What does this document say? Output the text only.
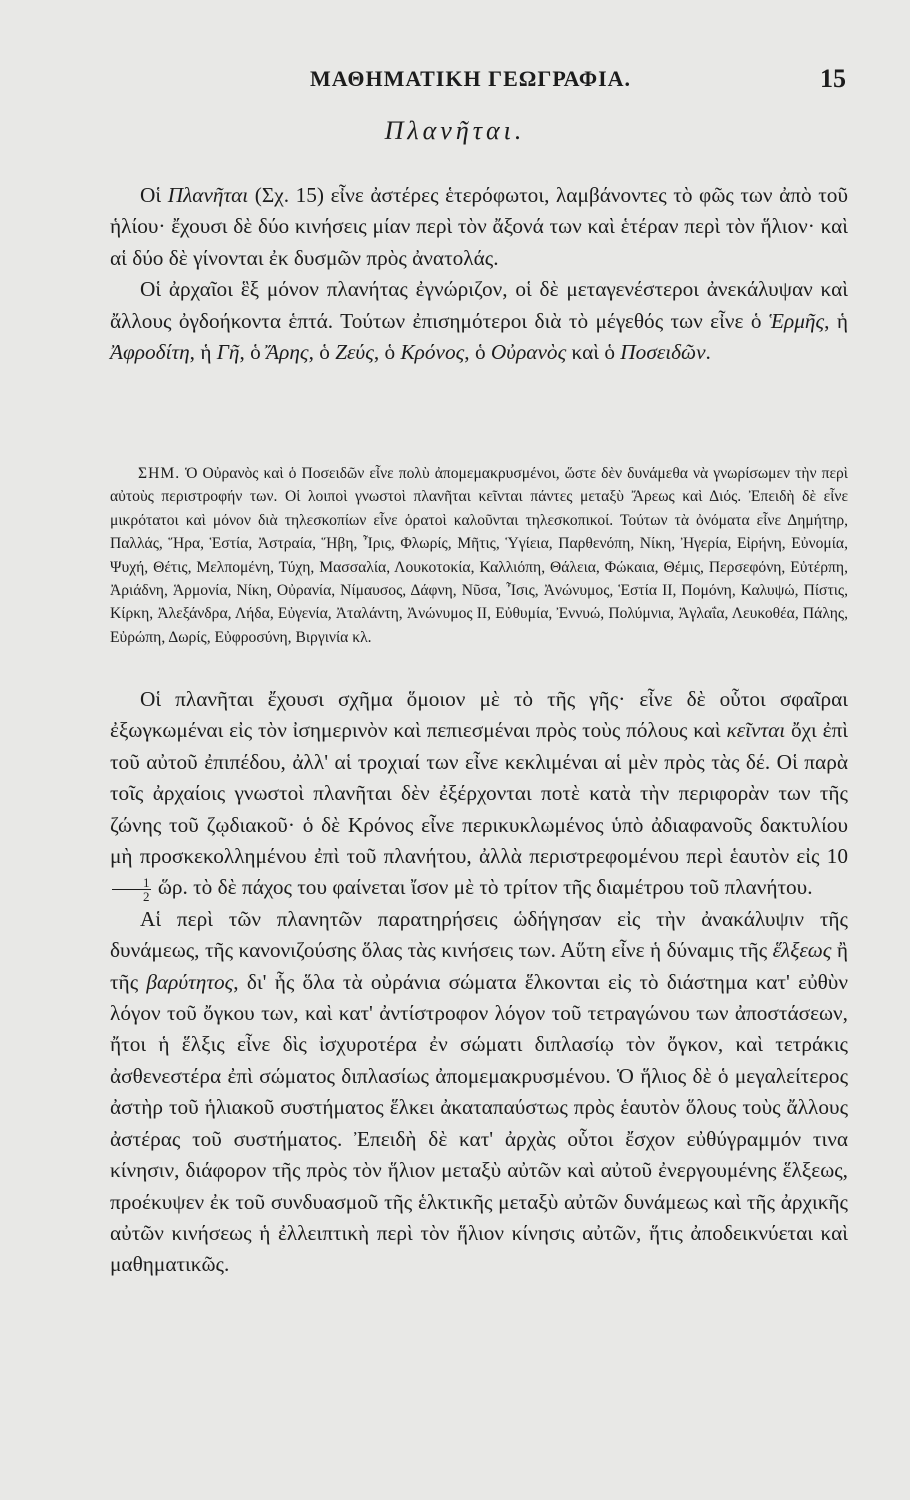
ΜΑΘΗΜΑΤΙΚΗ ΓΕΩΓΡΑΦΙΑ.	15
Πλανῆται.

Οἱ Πλανῆται (Σχ. 15) εἶνε ἀστέρες ἑτερόφωτοι, λαμβάνοντες τὸ φῶς των ἀπὸ τοῦ ἡλίου· ἔχουσι δὲ δύο κινήσεις μίαν περὶ τὸν ἄξονά των καὶ ἑτέραν περὶ τὸν ἥλιον· καὶ αἱ δύο δὲ γίνονται ἐκ δυσμῶν πρὸς ἀνατολάς.

Οἱ ἀρχαῖοι ἓξ μόνον πλανήτας ἐγνώριζον, οἱ δὲ μεταγενέστεροι ἀνεκάλυψαν καὶ ἄλλους ὀγδοήκοντα ἑπτά. Τούτων ἐπισημότεροι διὰ τὸ μέγεθός των εἶνε ὁ Ἑρμῆς, ἡ Ἀφροδίτη, ἡ Γῆ, ὁ Ἄρης, ὁ Ζεύς, ὁ Κρόνος, ὁ Οὐρανὸς καὶ ὁ Ποσειδῶν.

ΣΗΜ. Ὁ Οὐρανὸς καὶ ὁ Ποσειδῶν εἶνε πολὺ ἀπομεμακρυσμένοι, ὥστε δὲν δυνάμεθα νὰ γνωρίσωμεν τὴν περὶ αὐτοὺς περιστροφήν των. Οἱ λοιποὶ γνωστοὶ πλανῆται κεῖνται πάντες μεταξὺ Ἄρεως καὶ Διός. Ἐπειδὴ δὲ εἶνε μικρότατοι καὶ μόνον διὰ τηλεσκοπίων εἶνε ὁρατοὶ καλοῦνται τηλεσκοπικοί. Τούτων τὰ ὀνόματα εἶνε Δημήτηρ, Παλλάς, Ἥρα, Ἑστία, Ἀστραία, Ἥβη, Ἶρις, Φλωρίς, Μῆτις, Ὑγίεια, Παρθενόπη, Νίκη, Ἠγερία, Εἰρήνη, Εὐνομία, Ψυχή, Θέτις, Μελπομένη, Τύχη, Μασσαλία, Λουκοτοκία, Καλλιόπη, Θάλεια, Φώκαια, Θέμις, Περσεφόνη, Εὐτέρπη, Ἀριάδνη, Ἁρμονία, Νίκη, Οὐρανία, Νίμαυσος, Δάφνη, Νῦσα, Ἶσις, Ἀνώνυμος, Ἑστία ΙΙ, Πομόνη, Καλυψώ, Πίστις, Κίρκη, Ἀλεξάνδρα, Λήδα, Εὐγενία, Ἀταλάντη, Ἀνώνυμος ΙΙ, Εὐθυμία, Ἐννυώ, Πολύμνια, Ἀγλαΐα, Λευκοθέα, Πάλης, Εὐρώπη, Δωρίς, Εὐφροσύνη, Βιργινία κλ.

Οἱ πλανῆται ἔχουσι σχῆμα ὅμοιον μὲ τὸ τῆς γῆς· εἶνε δὲ οὗτοι σφαῖραι ἐξωγκωμέναι εἰς τὸν ἰσημερινὸν καὶ πεπιεσμέναι πρὸς τοὺς πόλους καὶ κεῖνται ὄχι ἐπὶ τοῦ αὐτοῦ ἐπιπέδου, ἀλλ' αἱ τροχιαί των εἶνε κεκλιμέναι αἱ μὲν πρὸς τὰς δέ. Οἱ παρὰ τοῖς ἀρχαίοις γνωστοὶ πλανῆται δὲν ἐξέρχονται ποτὲ κατὰ τὴν περιφορὰν των τῆς ζώνης τοῦ ζῳδιακοῦ· ὁ δὲ Κρόνος εἶνε περικυκλωμένος ὑπὸ ἀδιαφανοῦς δακτυλίου μὴ προσκεκολλημένου ἐπὶ τοῦ πλανήτου, ἀλλὰ περιστρεφομένου περὶ ἑαυτὸν εἰς 10
$\frac{1}{2}$ ὥρ. τὸ δὲ πάχος του φαίνεται ἴσον μὲ τὸ τρίτον τῆς διαμέτρου τοῦ πλανήτου.

Αἱ περὶ τῶν πλανητῶν παρατηρήσεις ὡδήγησαν εἰς τὴν ἀνακάλυψιν τῆς δυνάμεως, τῆς κανονιζούσης ὅλας τὰς κινήσεις των. Αὕτη εἶνε ἡ δύναμις τῆς ἕλξεως ἢ τῆς βαρύτητος, δι' ἧς ὅλα τὰ οὐράνια σώματα ἕλκονται εἰς τὸ διάστημα κατ' εὐθὺν λόγον τοῦ ὄγκου των, καὶ κατ' ἀντίστροφον λόγον τοῦ τετραγώνου των ἀποστάσεων, ἤτοι ἡ ἕλξις εἶνε δὶς ἰσχυροτέρα ἐν σώματι διπλασίῳ τὸν ὄγκον, καὶ τετράκις ἀσθενεστέρα ἐπὶ σώματος διπλασίως ἀπομεμακρυσμένου. Ὁ ἥλιος δὲ ὁ μεγαλείτερος ἀστὴρ τοῦ ἡλιακοῦ συστήματος ἕλκει ἀκαταπαύστως πρὸς ἑαυτὸν ὅλους τοὺς ἄλλους ἀστέρας τοῦ συστήματος. Ἐπειδὴ δὲ κατ' ἀρχὰς οὗτοι ἔσχον εὐθύγραμμόν τινα κίνησιν, διάφορον τῆς πρὸς τὸν ἥλιον μεταξὺ αὐτῶν καὶ αὐτοῦ ἐνεργουμένης ἕλξεως, προέκυψεν ἐκ τοῦ συνδυασμοῦ τῆς ἑλκτικῆς μεταξὺ αὐτῶν δυνάμεως καὶ τῆς ἀρχικῆς αὐτῶν κινήσεως ἡ ἐλλειπτικὴ περὶ τὸν ἥλιον κίνησις αὐτῶν, ἥτις ἀποδεικνύεται καὶ μαθηματικῶς.
